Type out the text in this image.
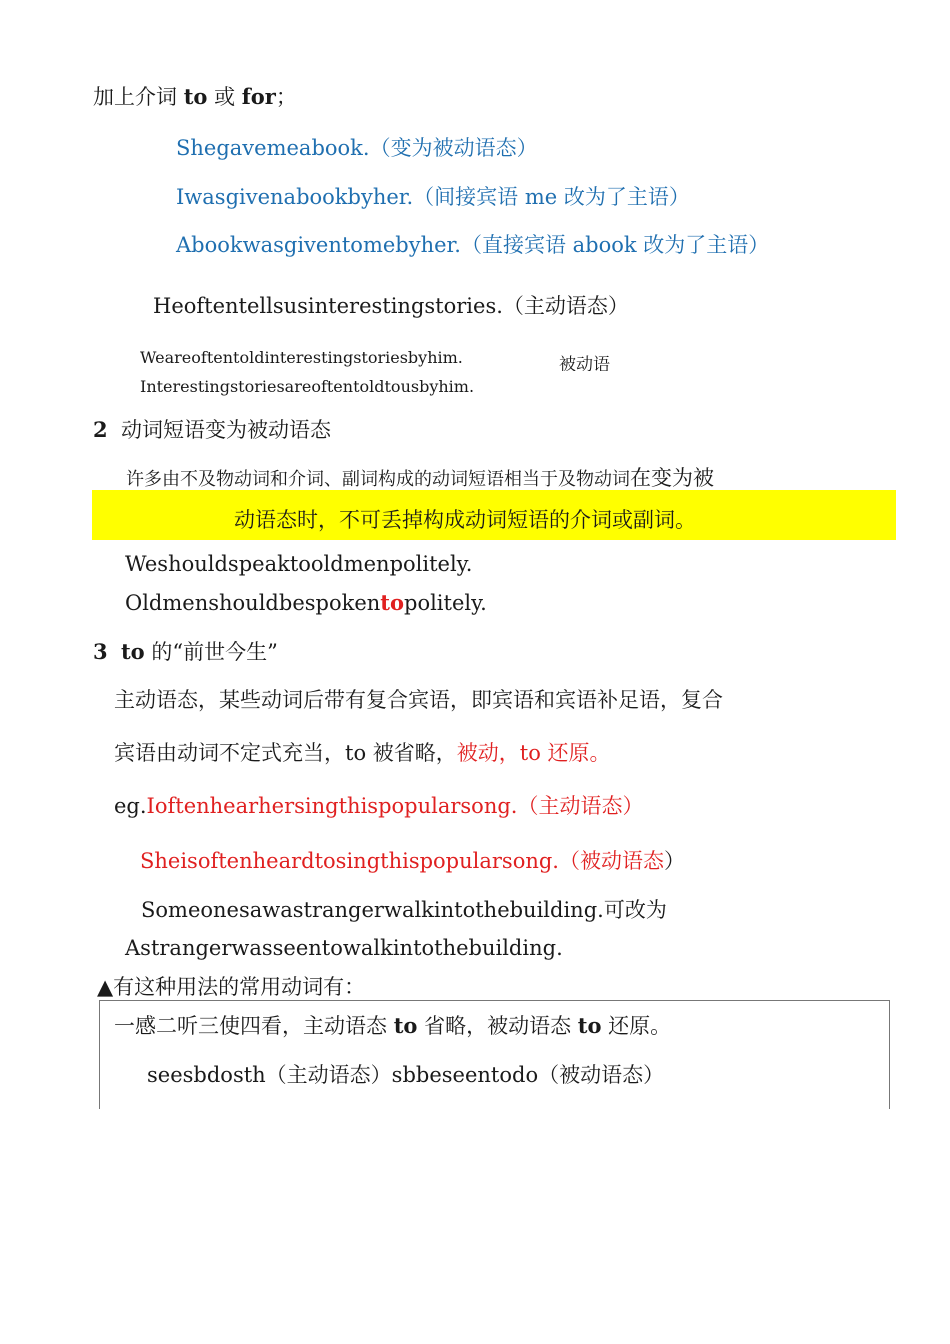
加上介词 to 或 for；
Shegavemeabook.（变为被动语态）
Iwasgivenabookbyher.（间接宾语 me 改为了主语）
Abookwasgiventomebyher.（直接宾语 abook 改为了主语）
Heoftentellsusinterestingstories.（主动语态）
Weareoftentoldinterestingstoriesbyhim.
Interestingstoriesareoftentoldtousbyhim.
被动语
2 动词短语变为被动语态
许多由不及物动词和介词、副词构成的动词短语相当于及物动词在变为被
动语态时，不可丢掉构成动词短语的介词或副词。
Weshouldspeaktooldmenpolitely.
Oldmenshouldbespokentopolitely.
3 to 的“前世今生”
主动语态，某些动词后带有复合宾语，即宾语和宾语补足语，复合
宾语由动词不定式充当，to 被省略，被动，to 还原。
eg.Ioftenhearhersingthispopularsong.（主动语态）
Sheisoftenheardtosingthispopularsong.（被动语态）
Someonesawastrangerwalkintothebuilding.可改为
Astrangerwasseentowalkintothebuilding.
▲有这种用法的常用动词有：
一感二听三使四看，主动语态 to 省略，被动语态 to 还原。
seesbdosth（主动语态）sbbeseentodo（被动语态）
